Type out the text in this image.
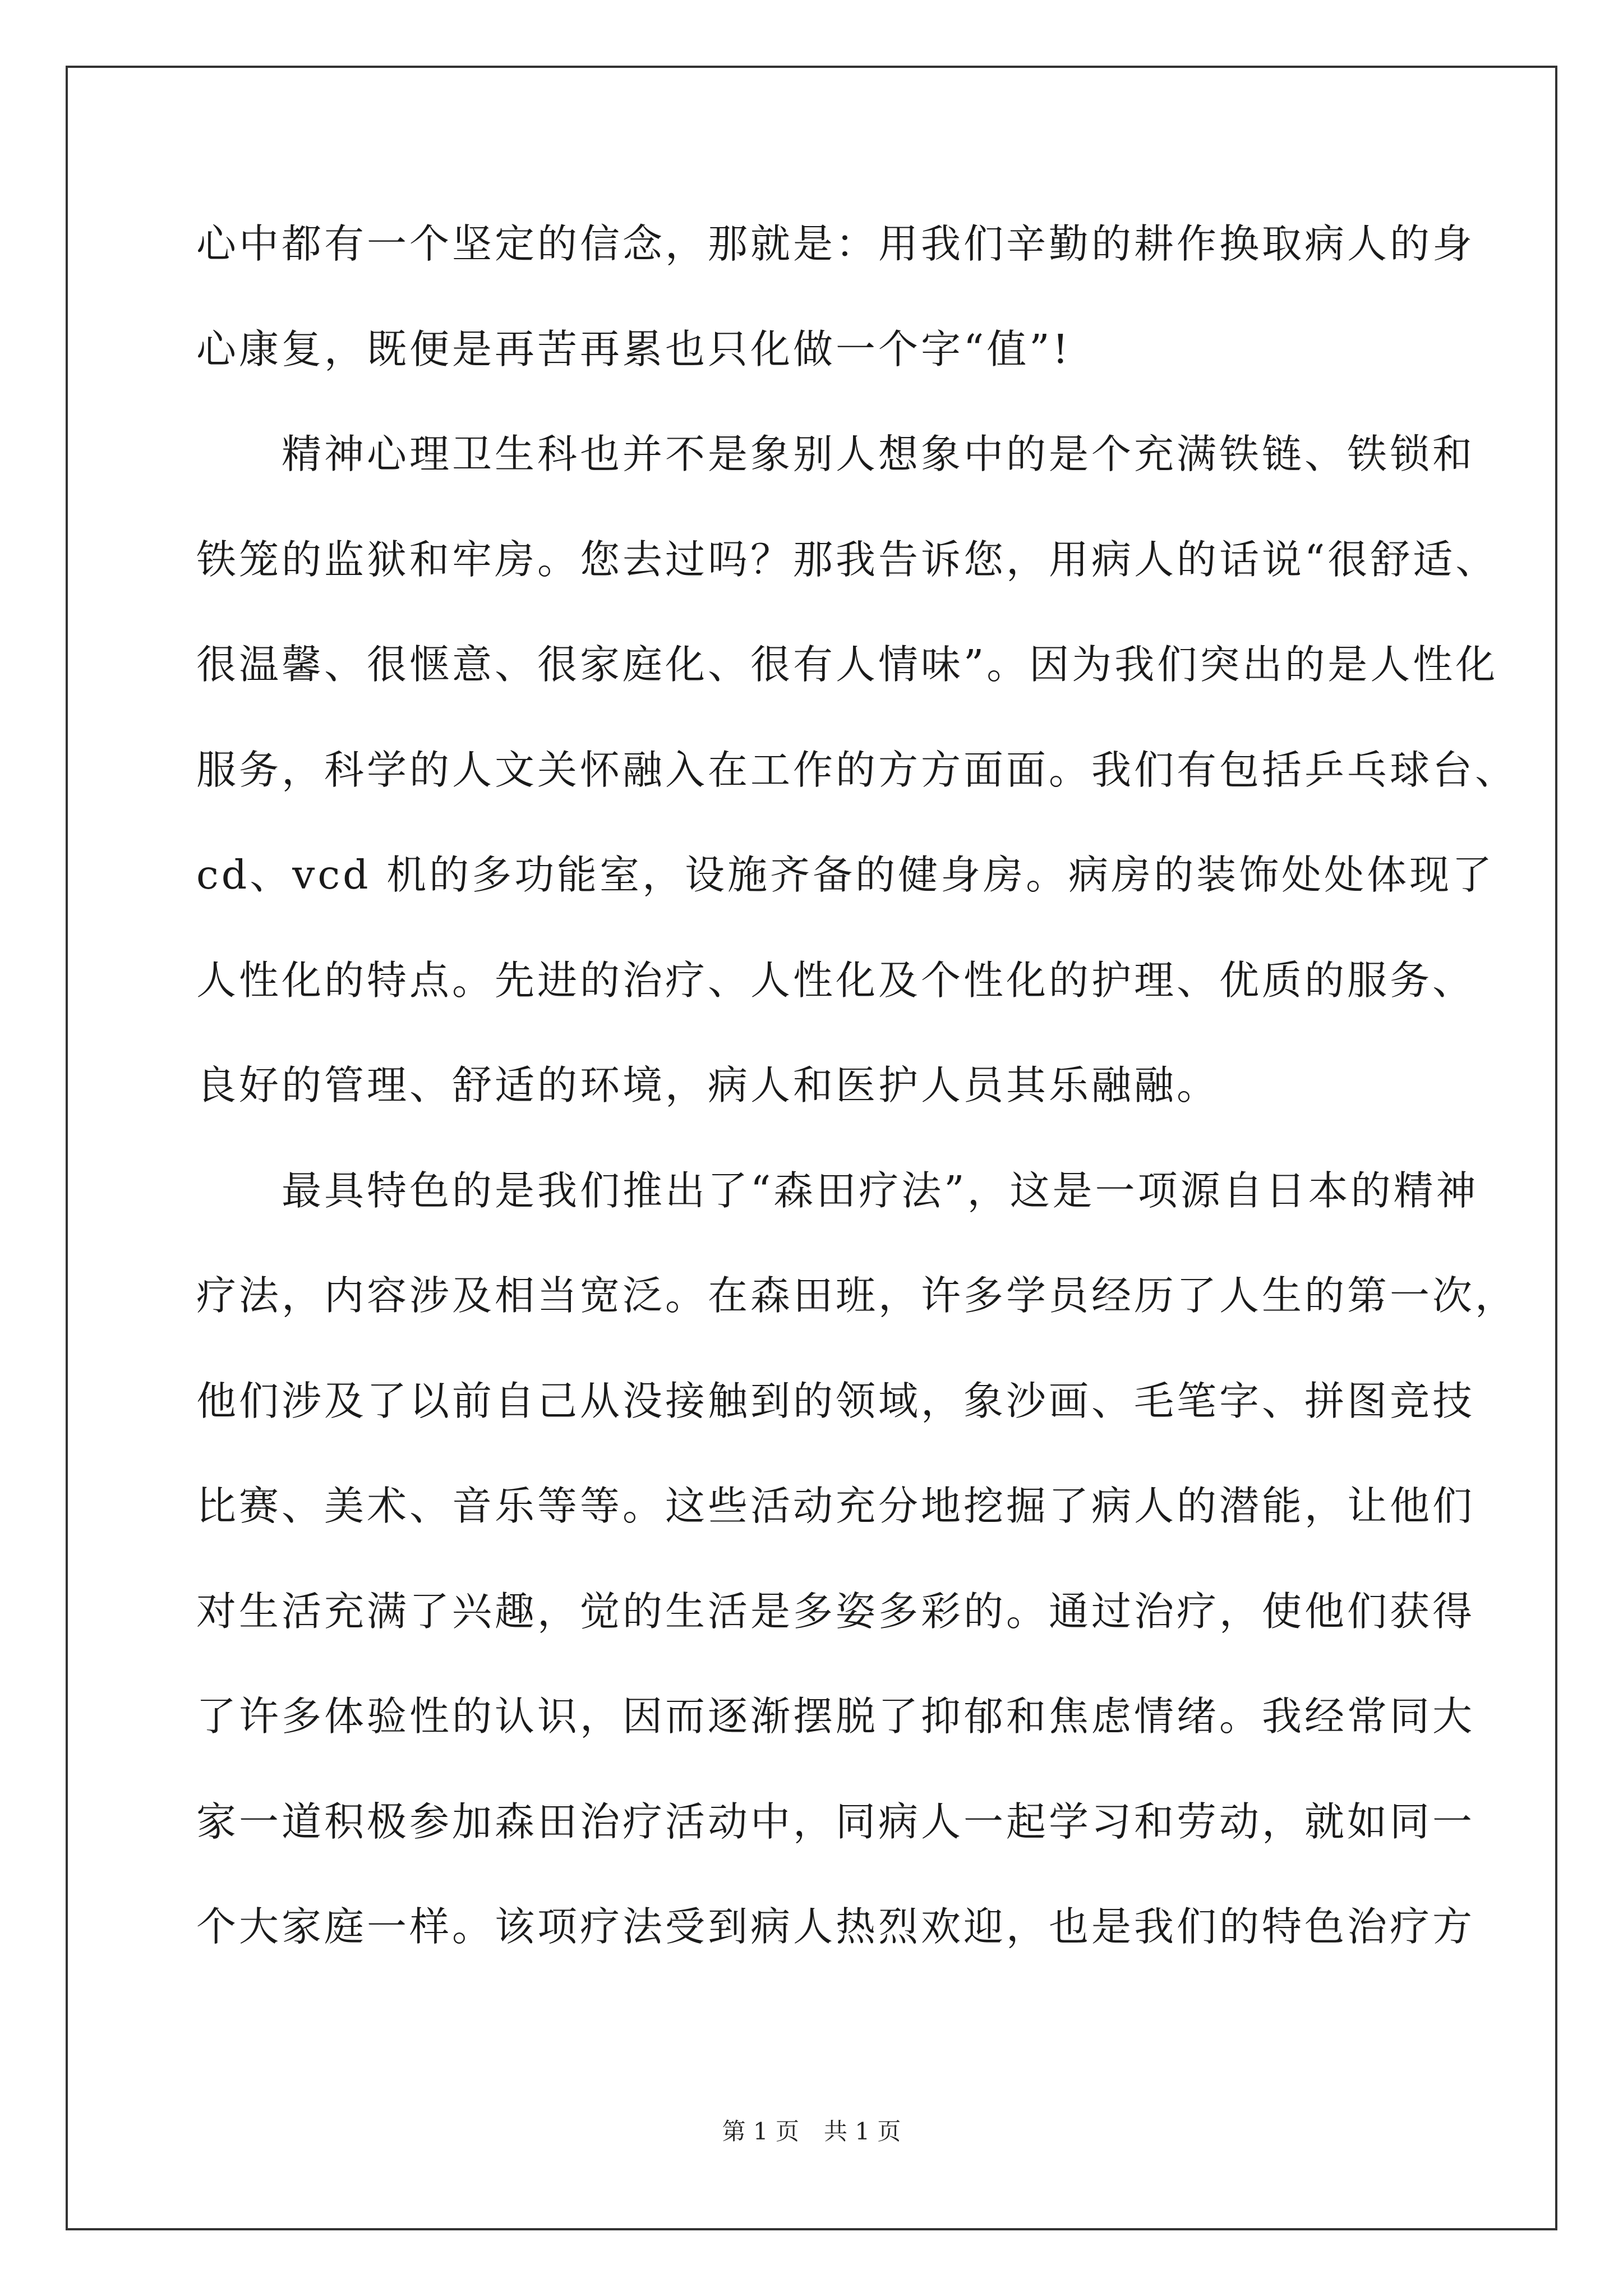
心中都有一个坚定的信念，那就是：用我们辛勤的耕作换取病人的身
心康复，既便是再苦再累也只化做一个字“值”!
精神心理卫生科也并不是象别人想象中的是个充满铁链、铁锁和
铁笼的监狱和牢房。您去过吗？那我告诉您，用病人的话说“很舒适、
很温馨、很惬意、很家庭化、很有人情味”。因为我们突出的是人性化
服务，科学的人文关怀融入在工作的方方面面。我们有包括乒乓球台、
cd、vcd 机的多功能室，设施齐备的健身房。病房的装饰处处体现了
人性化的特点。先进的治疗、人性化及个性化的护理、优质的服务、
良好的管理、舒适的环境，病人和医护人员其乐融融。
最具特色的是我们推出了“森田疗法”，这是一项源自日本的精神
疗法，内容涉及相当宽泛。在森田班，许多学员经历了人生的第一次，
他们涉及了以前自己从没接触到的领域，象沙画、毛笔字、拼图竞技
比赛、美术、音乐等等。这些活动充分地挖掘了病人的潜能，让他们
对生活充满了兴趣，觉的生活是多姿多彩的。通过治疗，使他们获得
了许多体验性的认识，因而逐渐摆脱了抑郁和焦虑情绪。我经常同大
家一道积极参加森田治疗活动中，同病人一起学习和劳动，就如同一
个大家庭一样。该项疗法受到病人热烈欢迎，也是我们的特色治疗方
第 1 页 共 1 页
